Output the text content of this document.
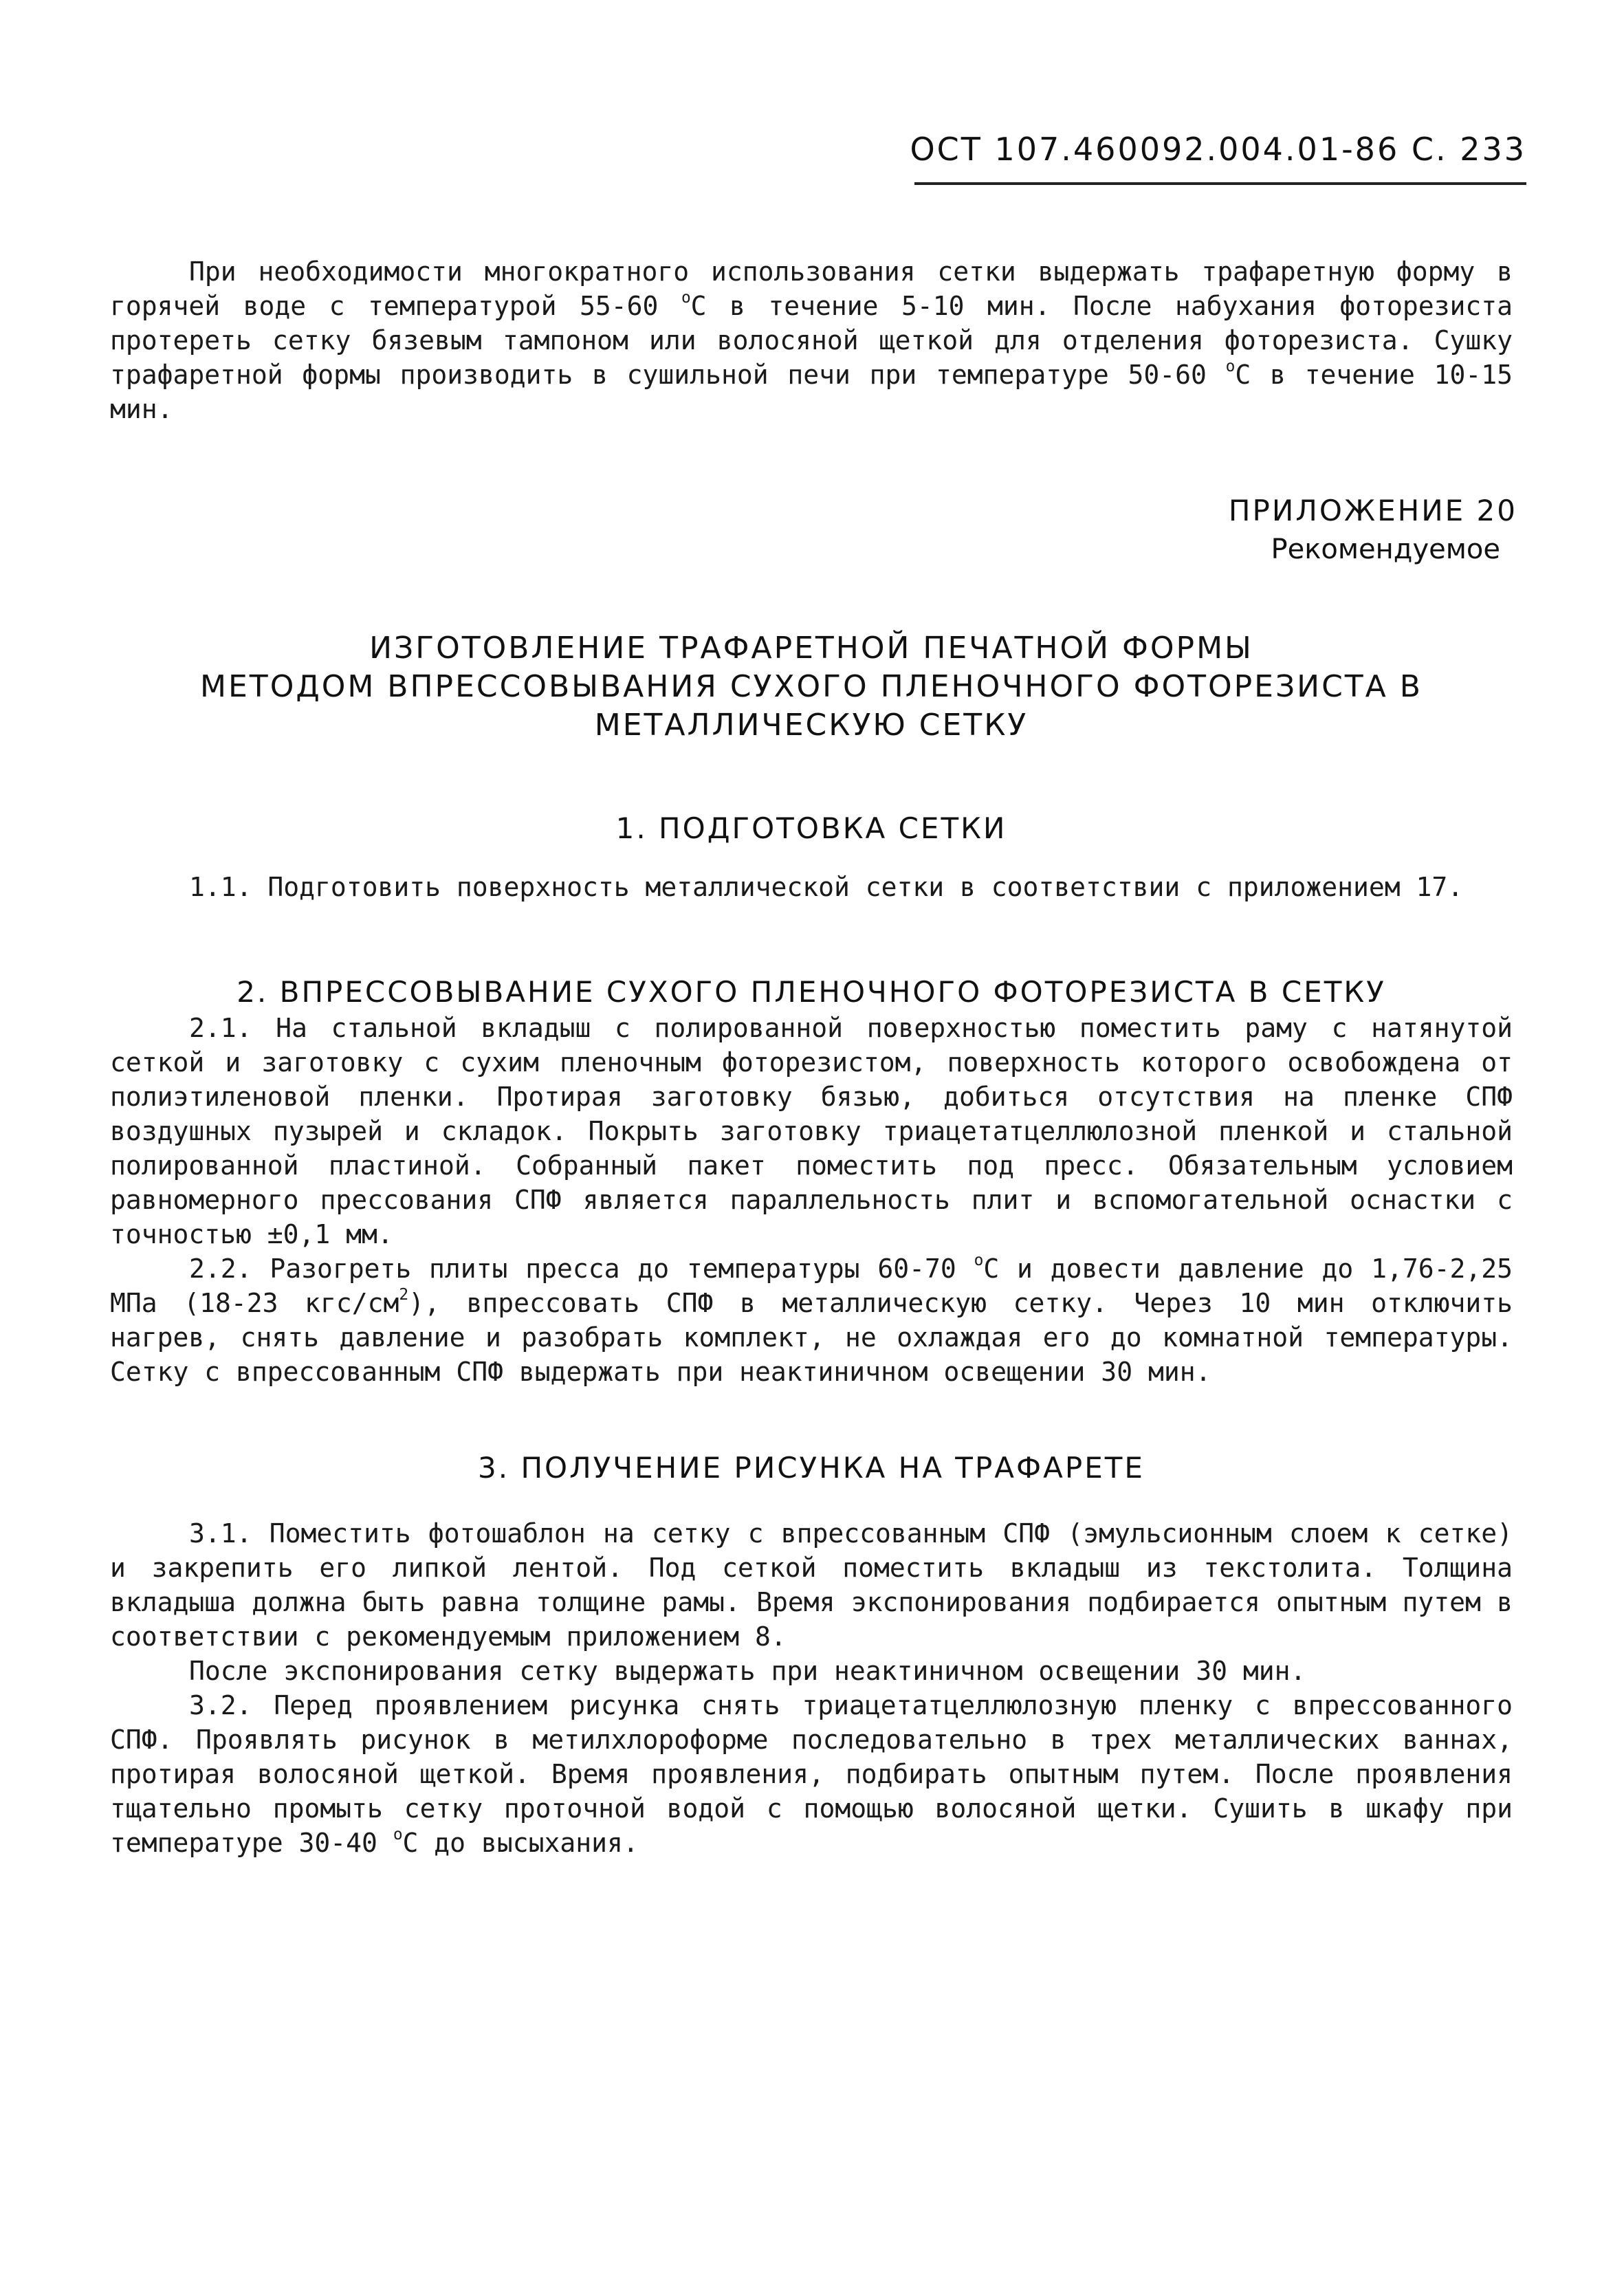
ОСТ 107.460092.004.01-86 С. 233

При необходимости многократного использования сетки выдержать трафаретную форму в горячей воде с температурой 55-60 $^о$С в течение 5-10 мин. После набухания фоторезиста протереть сетку бязевым тампоном или волосяной щеткой для отделения фоторезиста. Сушку трафаретной формы производить в сушильной печи при температуре 50-60 $^о$С в течение 10-15 мин.

ПРИЛОЖЕНИЕ 20
Рекомендуемое
ИЗГОТОВЛЕНИЕ ТРАФАРЕТНОЙ ПЕЧАТНОЙ ФОРМЫ
МЕТОДОМ ВПРЕССОВЫВАНИЯ СУХОГО ПЛЕНОЧНОГО ФОТОРЕЗИСТА В
МЕТАЛЛИЧЕСКУЮ СЕТКУ
1. ПОДГОТОВКА СЕТКИ

1.1. Подготовить поверхность металлической сетки в соответствии с приложением 17.

2. ВПРЕССОВЫВАНИЕ СУХОГО ПЛЕНОЧНОГО ФОТОРЕЗИСТА В СЕТКУ

2.1. На стальной вкладыш с полированной поверхностью поместить раму с натянутой сеткой и заготовку с сухим пленочным фоторезистом, поверхность которого освобождена от полиэтиленовой пленки. Протирая заготовку бязью, добиться отсутствия на пленке СПФ воздушных пузырей и складок. Покрыть заготовку триацетатцеллюлозной пленкой и стальной полированной пластиной. Собранный пакет поместить под пресс. Обязательным условием равномерного прессования СПФ является параллельность плит и вспомогательной оснастки с точностью ±0,1 мм.

2.2. Разогреть плиты пресса до температуры 60-70 $^о$С и довести давление до 1,76-2,25 МПа (18-23 кгс/$см^2$), впрессовать СПФ в металлическую сетку. Через 10 мин отключить нагрев, снять давление и разобрать комплект, не охлаждая его до комнатной температуры. Сетку с впрессованным СПФ выдержать при неактиничном освещении 30 мин.

3. ПОЛУЧЕНИЕ РИСУНКА НА ТРАФАРЕТЕ

3.1. Поместить фотошаблон на сетку с впрессованным СПФ (эмульсионным слоем к сетке) и закрепить его липкой лентой. Под сеткой поместить вкладыш из текстолита. Толщина вкладыша должна быть равна толщине рамы. Время экспонирования подбирается опытным путем в соответствии с рекомендуемым приложением 8.

После экспонирования сетку выдержать при неактиничном освещении 30 мин.

3.2. Перед проявлением рисунка снять триацетатцеллюлозную пленку с впрессованного СПФ. Проявлять рисунок в метилхлороформе последовательно в трех металлических ваннах, протирая волосяной щеткой. Время проявления, подбирать опытным путем. После проявления тщательно промыть сетку проточной водой с помощью волосяной щетки. Сушить в шкафу при температуре 30-40 $^о$С до высыхания.
